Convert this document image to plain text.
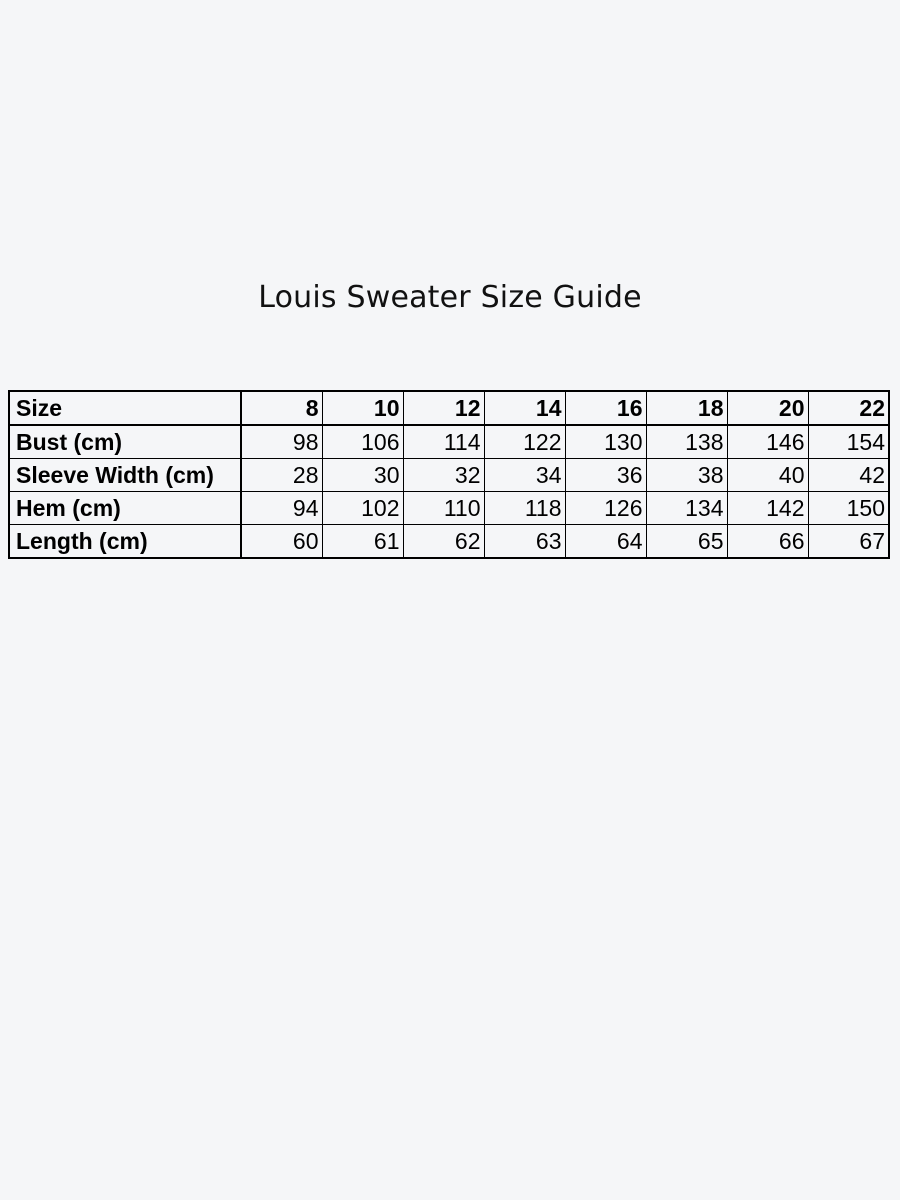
Louis Sweater Size Guide
Size	8	10	12	14	16	18	20	22
Bust (cm)	98	106	114	122	130	138	146	154
Sleeve Width (cm)	28	30	32	34	36	38	40	42
Hem (cm)	94	102	110	118	126	134	142	150
Length (cm)	60	61	62	63	64	65	66	67
